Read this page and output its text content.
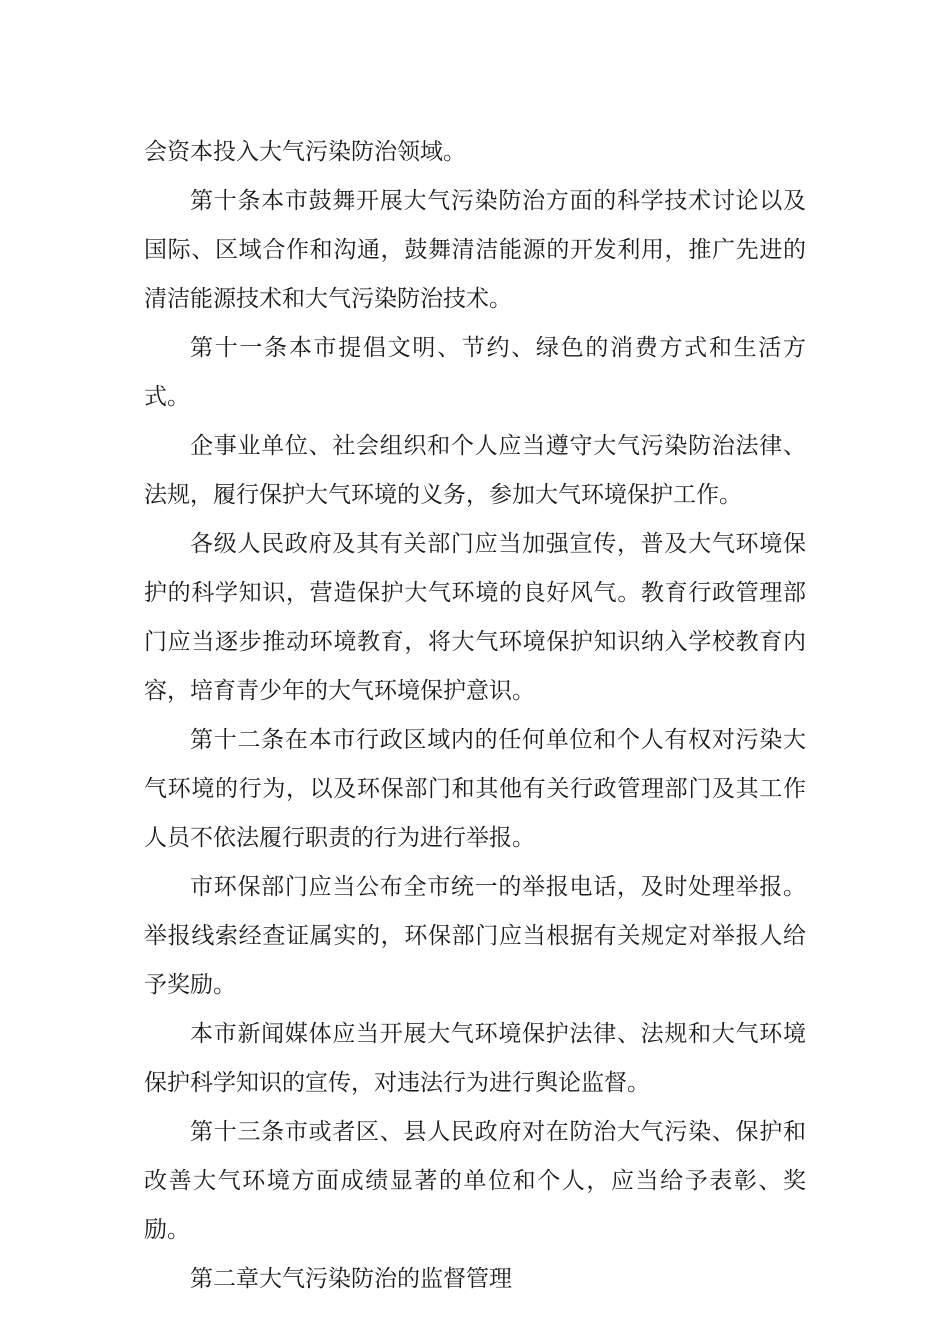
会资本投入大气污染防治领域。

第十条本市鼓舞开展大气污染防治方面的科学技术讨论以及国际、区域合作和沟通，鼓舞清洁能源的开发利用，推广先进的清洁能源技术和大气污染防治技术。

第十一条本市提倡文明、节约、绿色的消费方式和生活方式。

企事业单位、社会组织和个人应当遵守大气污染防治法律、法规，履行保护大气环境的义务，参加大气环境保护工作。

各级人民政府及其有关部门应当加强宣传，普及大气环境保护的科学知识，营造保护大气环境的良好风气。教育行政管理部门应当逐步推动环境教育，将大气环境保护知识纳入学校教育内容，培育青少年的大气环境保护意识。

第十二条在本市行政区域内的任何单位和个人有权对污染大气环境的行为，以及环保部门和其他有关行政管理部门及其工作人员不依法履行职责的行为进行举报。

市环保部门应当公布全市统一的举报电话，及时处理举报。举报线索经查证属实的，环保部门应当根据有关规定对举报人给予奖励。

本市新闻媒体应当开展大气环境保护法律、法规和大气环境保护科学知识的宣传，对违法行为进行舆论监督。

第十三条市或者区、县人民政府对在防治大气污染、保护和改善大气环境方面成绩显著的单位和个人，应当给予表彰、奖励。

第二章大气污染防治的监督管理
